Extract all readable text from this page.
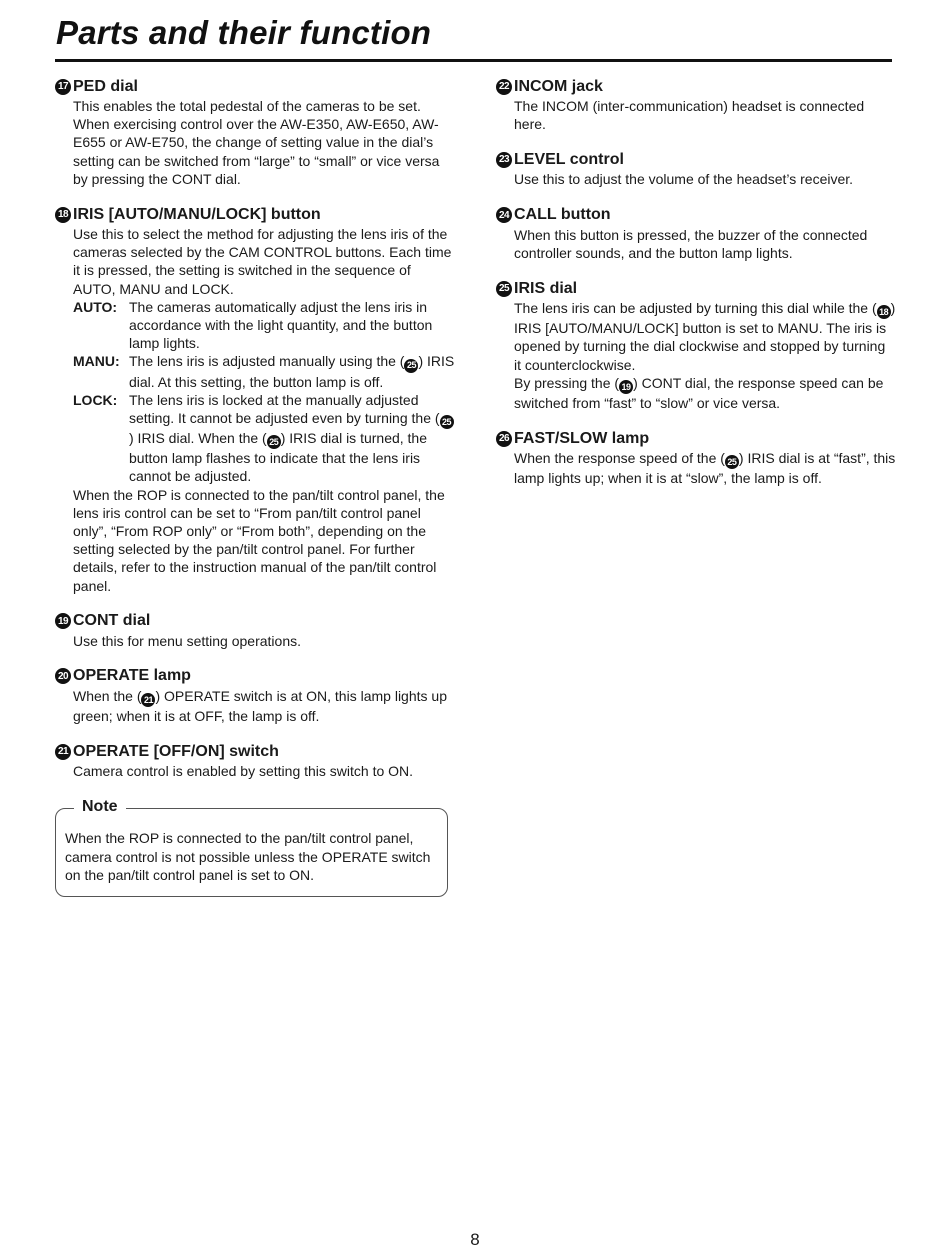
Parts and their function
17 PED dial

This enables the total pedestal of the cameras to be set. When exercising control over the AW-E350, AW-E650, AW-E655 or AW-E750, the change of setting value in the dial’s setting can be switched from “large” to “small” or vice versa by pressing the CONT dial.

18 IRIS [AUTO/MANU/LOCK] button

Use this to select the method for adjusting the lens iris of the cameras selected by the CAM CONTROL buttons. Each time it is pressed, the setting is switched in the sequence of AUTO, MANU and LOCK.

AUTO: The cameras automatically adjust the lens iris in accordance with the light quantity, and the button lamp lights.
MANU: The lens iris is adjusted manually using the ( 25 ) IRIS dial. At this setting, the button lamp is off.
LOCK: The lens iris is locked at the manually adjusted setting. It cannot be adjusted even by turning the ( 25) IRIS dial. When the ( 25 ) IRIS dial is turned, the button lamp flashes to indicate that the lens iris cannot be adjusted.

When the ROP is connected to the pan/tilt control panel, the lens iris control can be set to “From pan/tilt control panel only”, “From ROP only” or “From both”, depending on the setting selected by the pan/tilt control panel. For further details, refer to the instruction manual of the pan/tilt control panel.

19 CONT dial

Use this for menu setting operations.

20 OPERATE lamp

When the ( 21 ) OPERATE switch is at ON, this lamp lights up green; when it is at OFF, the lamp is off.

21 OPERATE [OFF/ON] switch

Camera control is enabled by setting this switch to ON.

Note
When the ROP is connected to the pan/tilt control panel, camera control is not possible unless the OPERATE switch on the pan/tilt control panel is set to ON.
22 INCOM jack

The INCOM (inter-communication) headset is connected here.

23 LEVEL control

Use this to adjust the volume of the headset’s receiver.

24 CALL button

When this button is pressed, the buzzer of the connected controller sounds, and the button lamp lights.

25 IRIS dial

The lens iris can be adjusted by turning this dial while the ( 18 ) IRIS [AUTO/MANU/LOCK] button is set to MANU. The iris is opened by turning the dial clockwise and stopped by turning it counterclockwise.

By pressing the ( 19 ) CONT dial, the response speed can be switched from “fast” to “slow” or vice versa.

26 FAST/SLOW lamp

When the response speed of the ( 25 ) IRIS dial is at “fast”, this lamp lights up; when it is at “slow”, the lamp is off.

8
